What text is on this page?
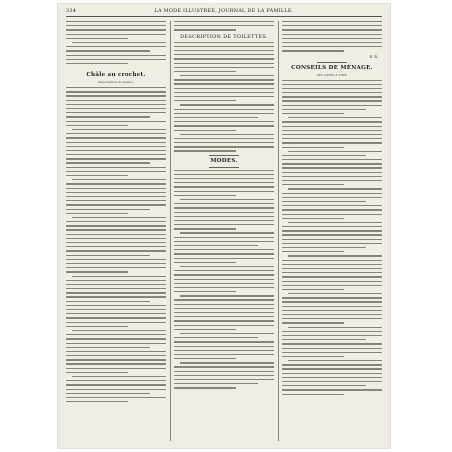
334	LA MODE ILLUSTRÉE, JOURNAL DE LA FAMILLE.
Châle au crochet.
(Description du dessin.)
DESCRIPTION DE TOILETTES.
MODES.
E. R.
CONSEILS DE MÉNAGE.
LES CAVES À VINS.
